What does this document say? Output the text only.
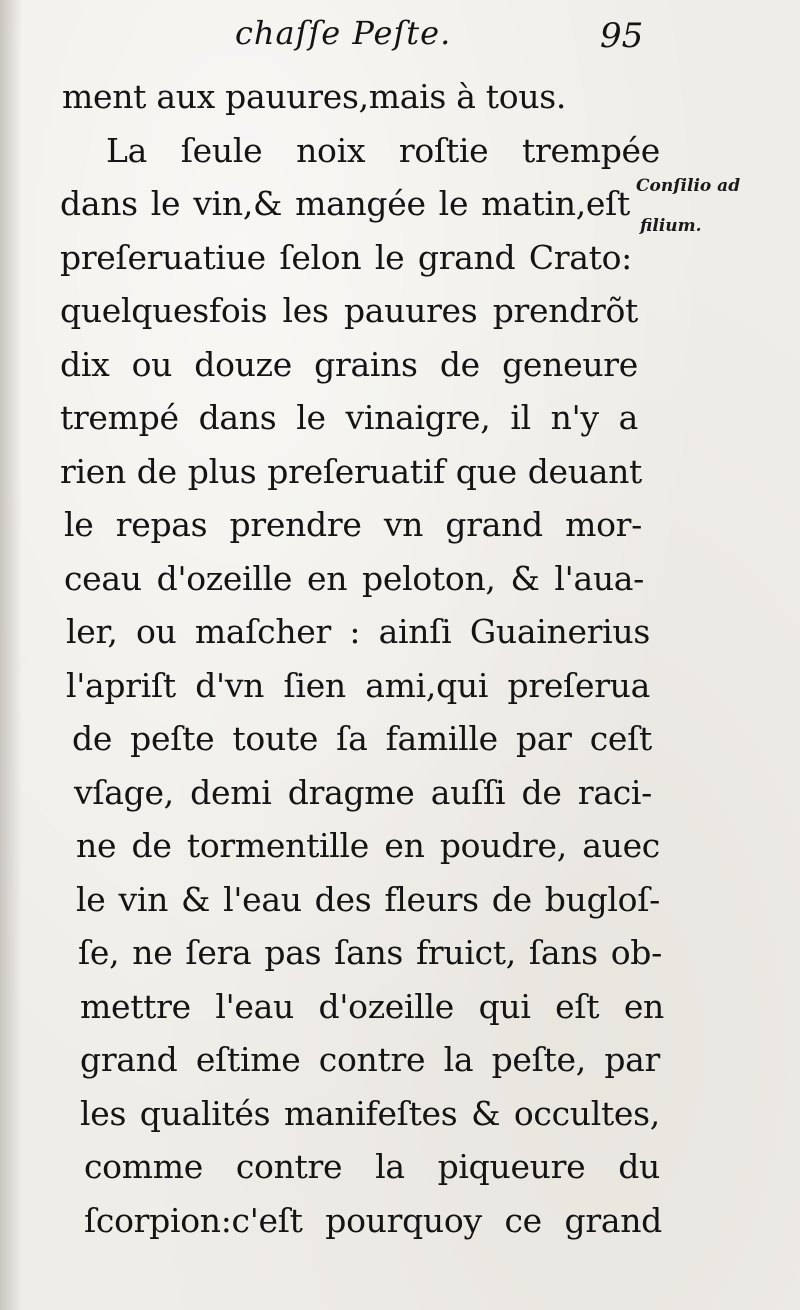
chaſſe Peſte.	95
Conſilio ad
filium.
ment aux pauures,mais à tous.
La ſeule noix roſtie trempée
dans le vin,& mangée le matin,eſt
preſeruatiue ſelon le grand Crato:
quelquesfois les pauures prendrõt
dix ou douze grains de geneure
trempé dans le vinaigre, il n'y a
rien de plus preſeruatif que deuant
le repas prendre vn grand mor-
ceau d'ozeille en peloton, & l'aua-
ler, ou maſcher : ainſi Guainerius
l'apriſt d'vn ſien ami,qui preſerua
de peſte toute ſa famille par ceſt
vſage, demi dragme auſſi de raci-
ne de tormentille en poudre, auec
le vin & l'eau des fleurs de bugloſ-
ſe, ne ſera pas ſans fruict, ſans ob-
mettre l'eau d'ozeille qui eſt en
grand eſtime contre la peſte, par
les qualités manifeſtes & occultes,
comme contre la piqueure du
ſcorpion:c'eſt pourquoy ce grand
